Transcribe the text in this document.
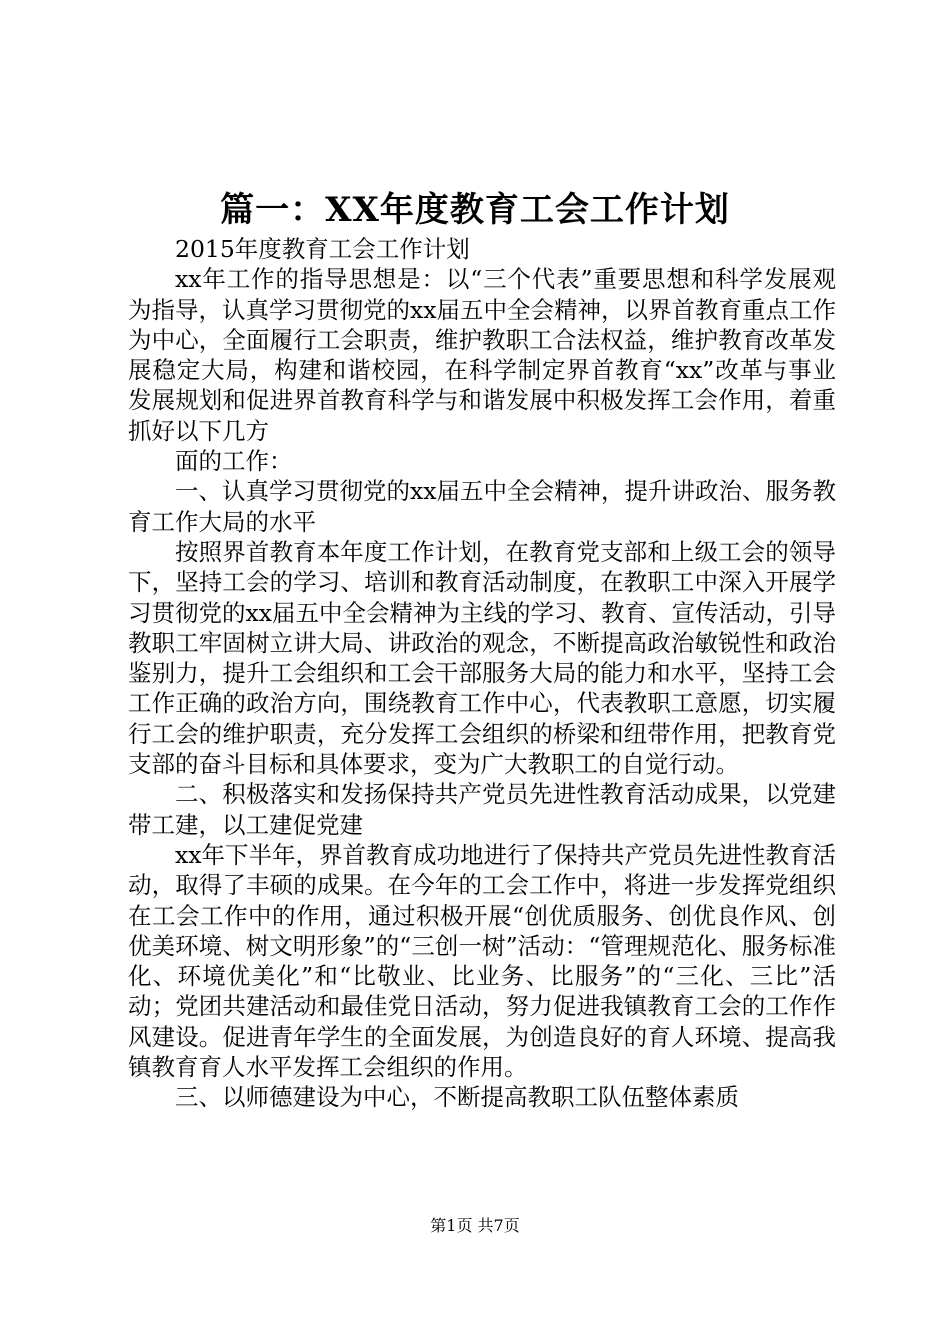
篇一：XX年度教育工会工作计划

2015年度教育工会工作计划

xx年工作的指导思想是：以“三个代表”重要思想和科学发展观为指导，认真学习贯彻党的xx届五中全会精神，以界首教育重点工作为中心，全面履行工会职责，维护教职工合法权益，维护教育改革发展稳定大局，构建和谐校园，在科学制定界首教育“xx”改革与事业发展规划和促进界首教育科学与和谐发展中积极发挥工会作用，着重抓好以下几方

面的工作：

一、认真学习贯彻党的xx届五中全会精神，提升讲政治、服务教育工作大局的水平

按照界首教育本年度工作计划，在教育党支部和上级工会的领导下，坚持工会的学习、培训和教育活动制度，在教职工中深入开展学习贯彻党的xx届五中全会精神为主线的学习、教育、宣传活动，引导教职工牢固树立讲大局、讲政治的观念，不断提高政治敏锐性和政治鉴别力，提升工会组织和工会干部服务大局的能力和水平，坚持工会工作正确的政治方向，围绕教育工作中心，代表教职工意愿，切实履行工会的维护职责，充分发挥工会组织的桥梁和纽带作用，把教育党支部的奋斗目标和具体要求，变为广大教职工的自觉行动。

二、积极落实和发扬保持共产党员先进性教育活动成果，以党建带工建，以工建促党建

xx年下半年，界首教育成功地进行了保持共产党员先进性教育活动，取得了丰硕的成果。在今年的工会工作中，将进一步发挥党组织在工会工作中的作用，通过积极开展“创优质服务、创优良作风、创优美环境、树文明形象”的“三创一树”活动：“管理规范化、服务标准化、环境优美化”和“比敬业、比业务、比服务”的“三化、三比”活动；党团共建活动和最佳党日活动，努力促进我镇教育工会的工作作风建设。促进青年学生的全面发展，为创造良好的育人环境、提高我镇教育育人水平发挥工会组织的作用。

三、以师德建设为中心，不断提高教职工队伍整体素质

第1页 共7页
